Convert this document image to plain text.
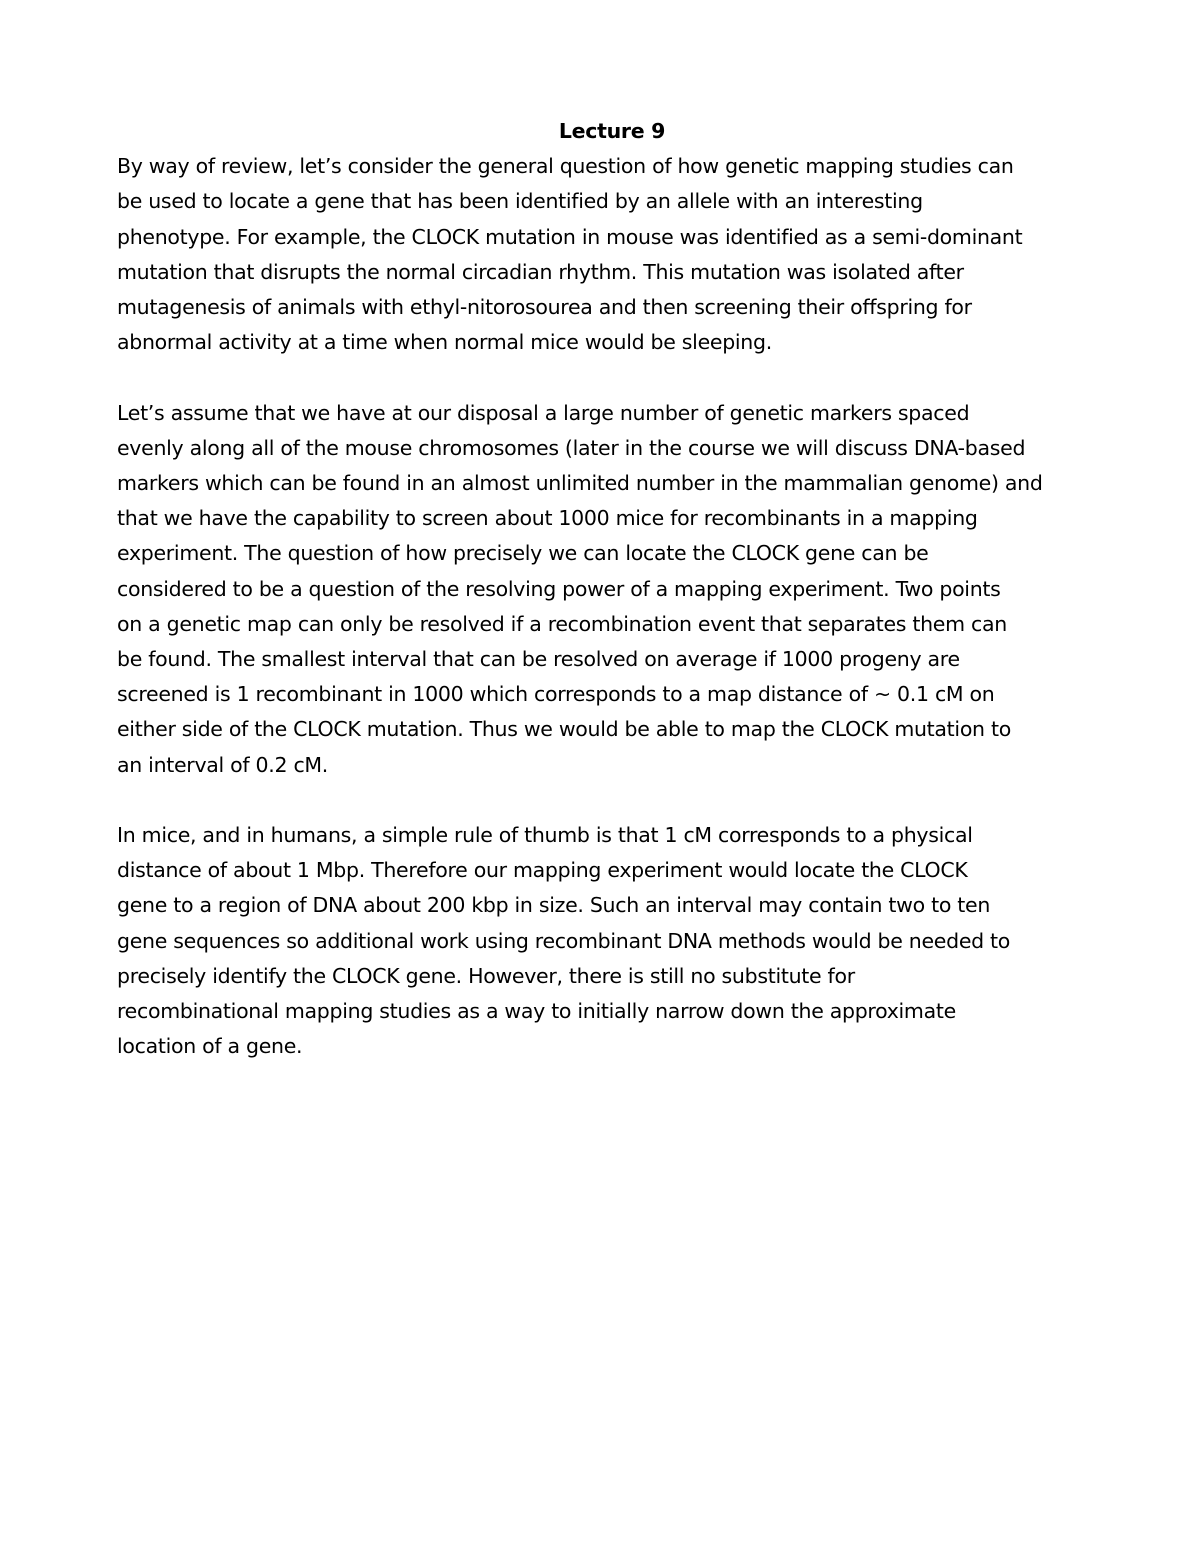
Lecture 9
By way of review, let’s consider the general question of how genetic mapping studies can
be used to locate a gene that has been identified by an allele with an interesting
phenotype. For example, the CLOCK mutation in mouse was identified as a semi-dominant
mutation that disrupts the normal circadian rhythm. This mutation was isolated after
mutagenesis of animals with ethyl-nitorosourea and then screening their offspring for
abnormal activity at a time when normal mice would be sleeping.
Let’s assume that we have at our disposal a large number of genetic markers spaced
evenly along all of the mouse chromosomes (later in the course we will discuss DNA-based
markers which can be found in an almost unlimited number in the mammalian genome) and
that we have the capability to screen about 1000 mice for recombinants in a mapping
experiment. The question of how precisely we can locate the CLOCK gene can be
considered to be a question of the resolving power of a mapping experiment. Two points
on a genetic map can only be resolved if a recombination event that separates them can
be found. The smallest interval that can be resolved on average if 1000 progeny are
screened is 1 recombinant in 1000 which corresponds to a map distance of ~ 0.1 cM on
either side of the CLOCK mutation. Thus we would be able to map the CLOCK mutation to
an interval of 0.2 cM.
In mice, and in humans, a simple rule of thumb is that 1 cM corresponds to a physical
distance of about 1 Mbp. Therefore our mapping experiment would locate the CLOCK
gene to a region of DNA about 200 kbp in size. Such an interval may contain two to ten
gene sequences so additional work using recombinant DNA methods would be needed to
precisely identify the CLOCK gene. However, there is still no substitute for
recombinational mapping studies as a way to initially narrow down the approximate
location of a gene.
